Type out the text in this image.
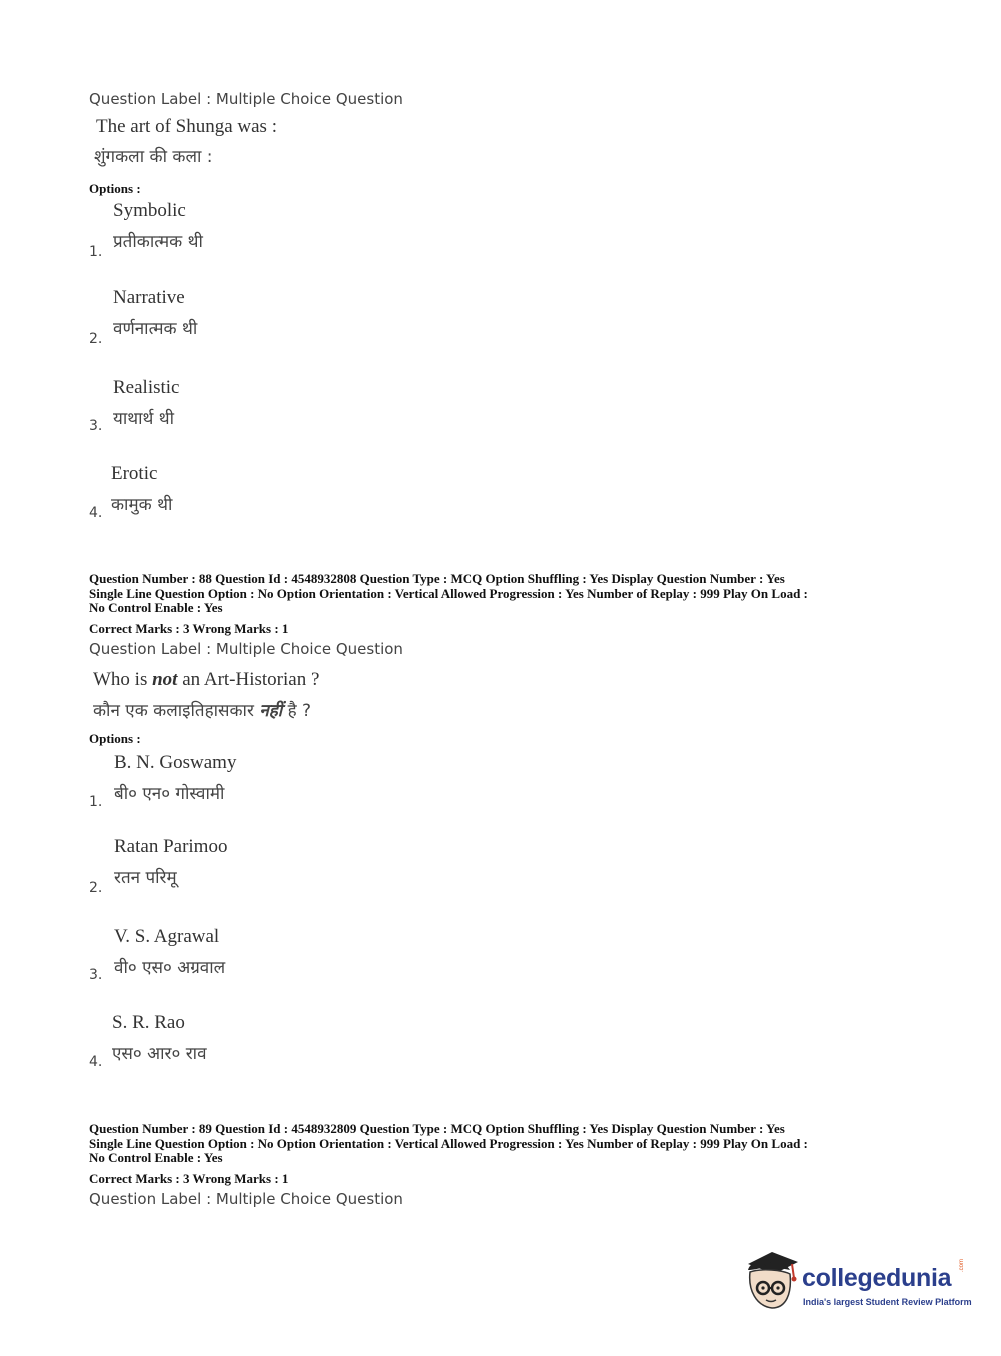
Question Label : Multiple Choice Question
The art of Shunga was :
शुंगकला की कला :
Options :
Symbolic
प्रतीकात्मक थी
1.
Narrative
वर्णनात्मक थी
2.
Realistic
याथार्थ थी
3.
Erotic
कामुक थी
4.
Question Number : 88 Question Id : 4548932808 Question Type : MCQ Option Shuffling : Yes Display Question Number : Yes
Single Line Question Option : No Option Orientation : Vertical Allowed Progression : Yes Number of Replay : 999 Play On Load :
No Control Enable : Yes
Correct Marks : 3 Wrong Marks : 1
Question Label : Multiple Choice Question
Who is not an Art-Historian ?
कौन एक कलाइतिहासकार नहीं है ?
Options :
B. N. Goswamy
बी० एन० गोस्वामी
1.
Ratan Parimoo
रतन परिमू
2.
V. S. Agrawal
वी० एस० अग्रवाल
3.
S. R. Rao
एस० आर० राव
4.
Question Number : 89 Question Id : 4548932809 Question Type : MCQ Option Shuffling : Yes Display Question Number : Yes
Single Line Question Option : No Option Orientation : Vertical Allowed Progression : Yes Number of Replay : 999 Play On Load :
No Control Enable : Yes
Correct Marks : 3 Wrong Marks : 1
Question Label : Multiple Choice Question
collegedunia .com
India's largest Student Review Platform
